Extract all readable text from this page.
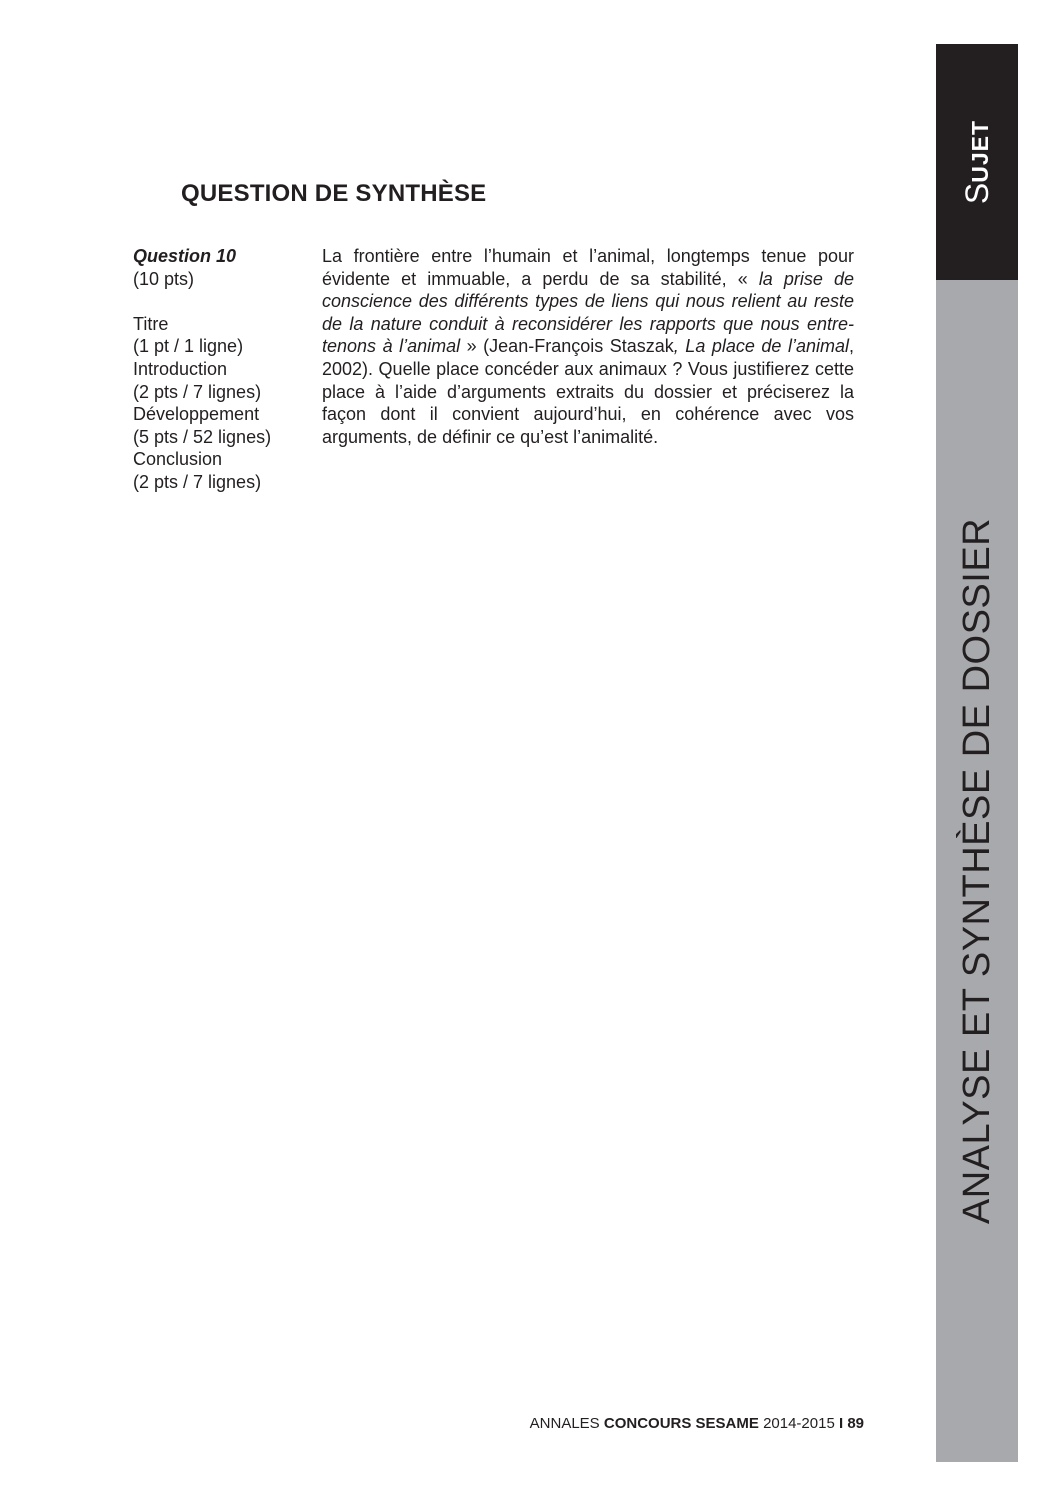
QUESTION DE SYNTHÈSE
Question 10
(10 pts)
Titre
(1 pt / 1 ligne)
Introduction
(2 pts / 7 lignes)
Développement
(5 pts / 52 lignes)
Conclusion
(2 pts / 7 lignes)

La frontière entre l’humain et l’animal, longtemps tenue pour évidente et immuable, a perdu de sa stabilité, « la prise de conscience des différents types de liens qui nous relient au reste de la nature conduit à reconsidérer les rapports que nous entre-tenons à l’animal » (Jean-François Staszak, La place de l’animal, 2002). Quelle place concéder aux animaux ? Vous justifierez cette place à l’aide d’arguments extraits du dossier et préciserez la façon dont il convient aujourd’hui, en cohérence avec vos arguments, de définir ce qu’est l’animalité.

ANNALES CONCOURS SESAME 2014-2015 I 89
SUJET
ANALYSE ET SYNTHÈSE DE DOSSIER
